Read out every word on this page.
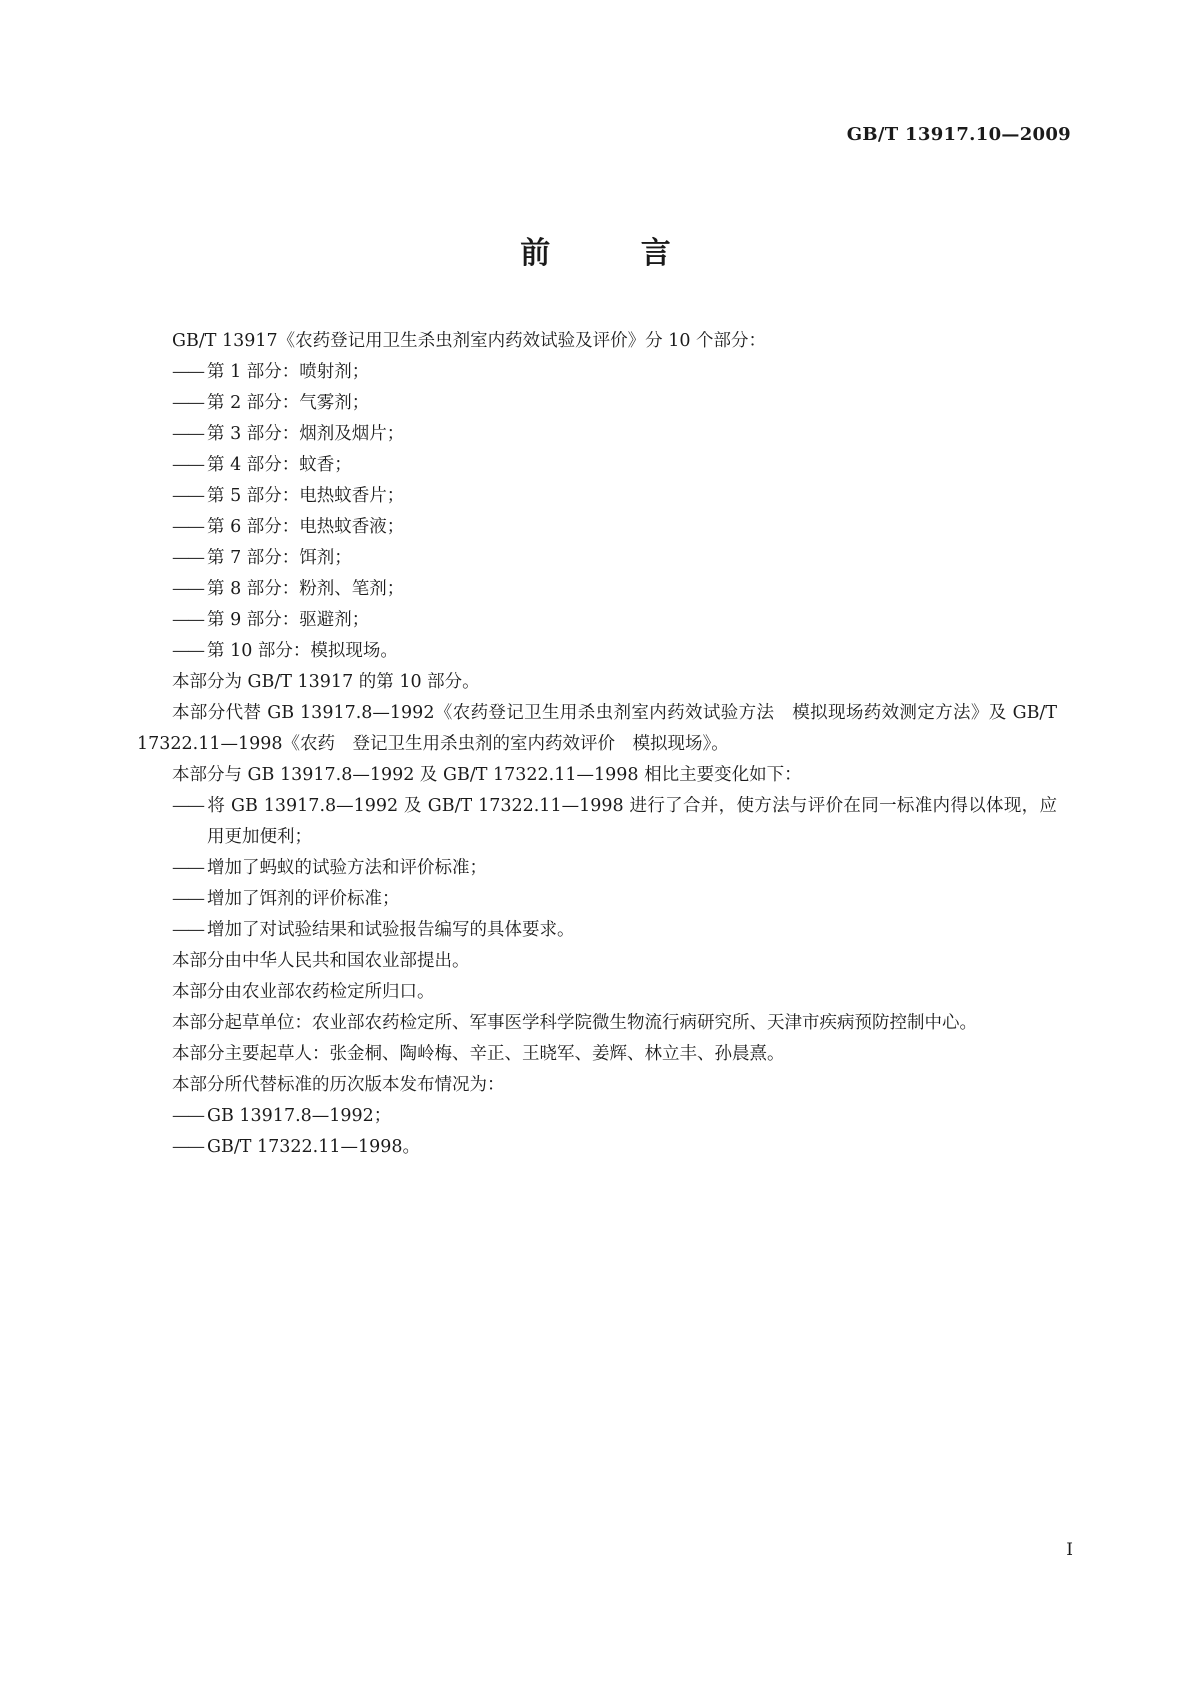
GB/T 13917.10—2009
前 言

GB/T 13917《农药登记用卫生杀虫剂室内药效试验及评价》分 10 个部分：

—— 第 1 部分：喷射剂；

—— 第 2 部分：气雾剂；

—— 第 3 部分：烟剂及烟片；

—— 第 4 部分：蚊香；

—— 第 5 部分：电热蚊香片；

—— 第 6 部分：电热蚊香液；

—— 第 7 部分：饵剂；

—— 第 8 部分：粉剂、笔剂；

—— 第 9 部分：驱避剂；

—— 第 10 部分：模拟现场。

本部分为 GB/T 13917 的第 10 部分。

本部分代替 GB 13917.8—1992《农药登记卫生用杀虫剂室内药效试验方法　模拟现场药效测定方法》及 GB/T 17322.11—1998《农药　登记卫生用杀虫剂的室内药效评价　模拟现场》。

本部分与 GB 13917.8—1992 及 GB/T 17322.11—1998 相比主要变化如下：

—— 将 GB 13917.8—1992 及 GB/T 17322.11—1998 进行了合并，使方法与评价在同一标准内得以体现，应用更加便利；

—— 增加了蚂蚁的试验方法和评价标准；

—— 增加了饵剂的评价标准；

—— 增加了对试验结果和试验报告编写的具体要求。

本部分由中华人民共和国农业部提出。

本部分由农业部农药检定所归口。

本部分起草单位：农业部农药检定所、军事医学科学院微生物流行病研究所、天津市疾病预防控制中心。

本部分主要起草人：张金桐、陶岭梅、辛正、王晓军、姜辉、林立丰、孙晨熹。

本部分所代替标准的历次版本发布情况为：

—— GB 13917.8—1992；

—— GB/T 17322.11—1998。

I
